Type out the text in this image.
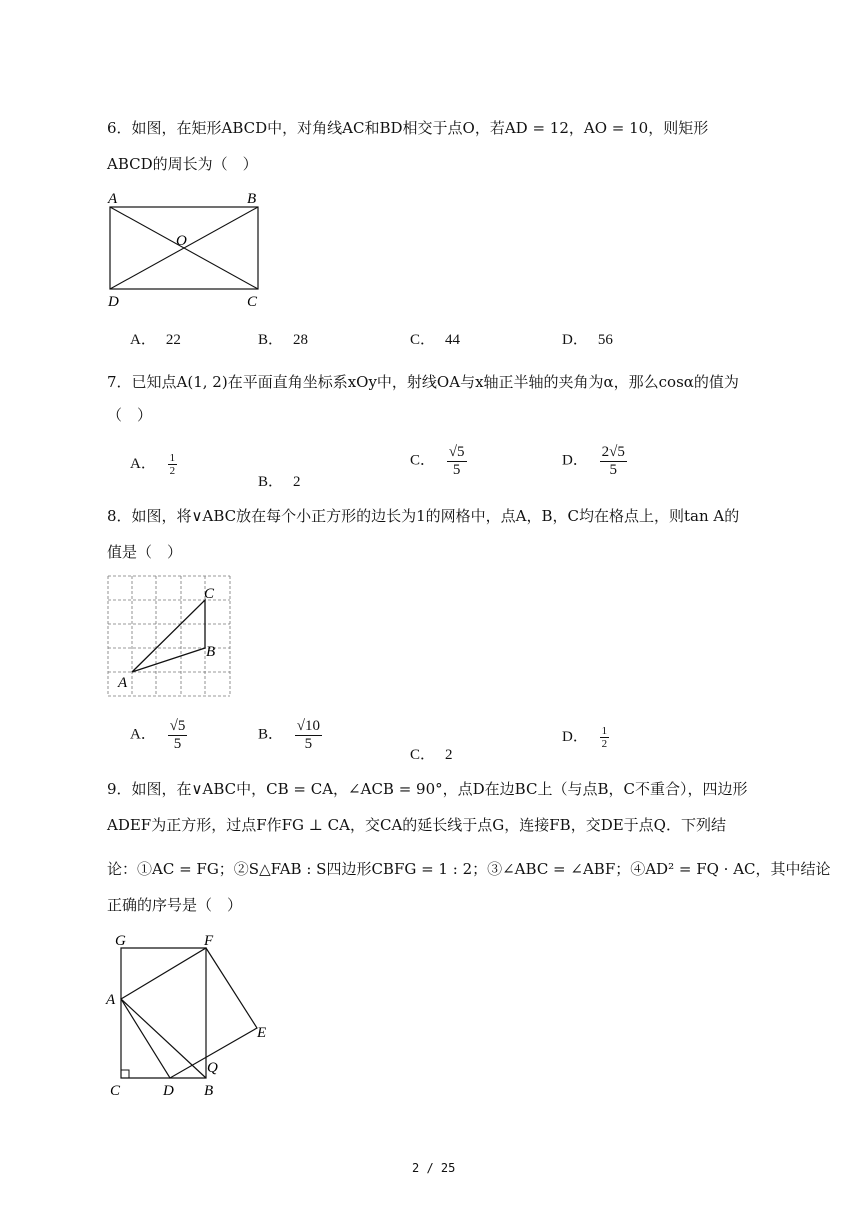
6．如图，在矩形ABCD中，对角线AC和BD相交于点O，若AD = 12，AO = 10，则矩形
ABCD的周长为（　）
A	B
O
D	C
A． 22	B． 28	C． 44	D． 56
7．已知点A(1, 2)在平面直角坐标系xOy中，射线OA与x轴正半轴的夹角为α，那么cosα的值为
（　）
A． $\frac{1}{2}$
B． 2
C． $\frac{√5}{5}$	D． $\frac{2√5}{5}$
8．如图，将∨ABC放在每个小正方形的边长为1的网格中，点A，B，C均在格点上，则tan A的
值是（　）
A
C
B
A． $\frac{√5}{5}$	B． $\frac{√10}{5}$
C． 2
D． $\frac{1}{2}$
9．如图，在∨ABC中，CB = CA，∠ACB = 90°，点D在边BC上（与点B，C不重合），四边形
ADEF为正方形，过点F作FG ⊥ CA，交CA的延长线于点G，连接FB，交DE于点Q．下列结
论：①AC = FG；②S△FAB : S四边形CBFG = 1 : 2；③∠ABC = ∠ABF；④AD² = FQ · AC，其中结论
正确的序号是（　）
G	F
A
E
Q
C	D B
2 / 25
